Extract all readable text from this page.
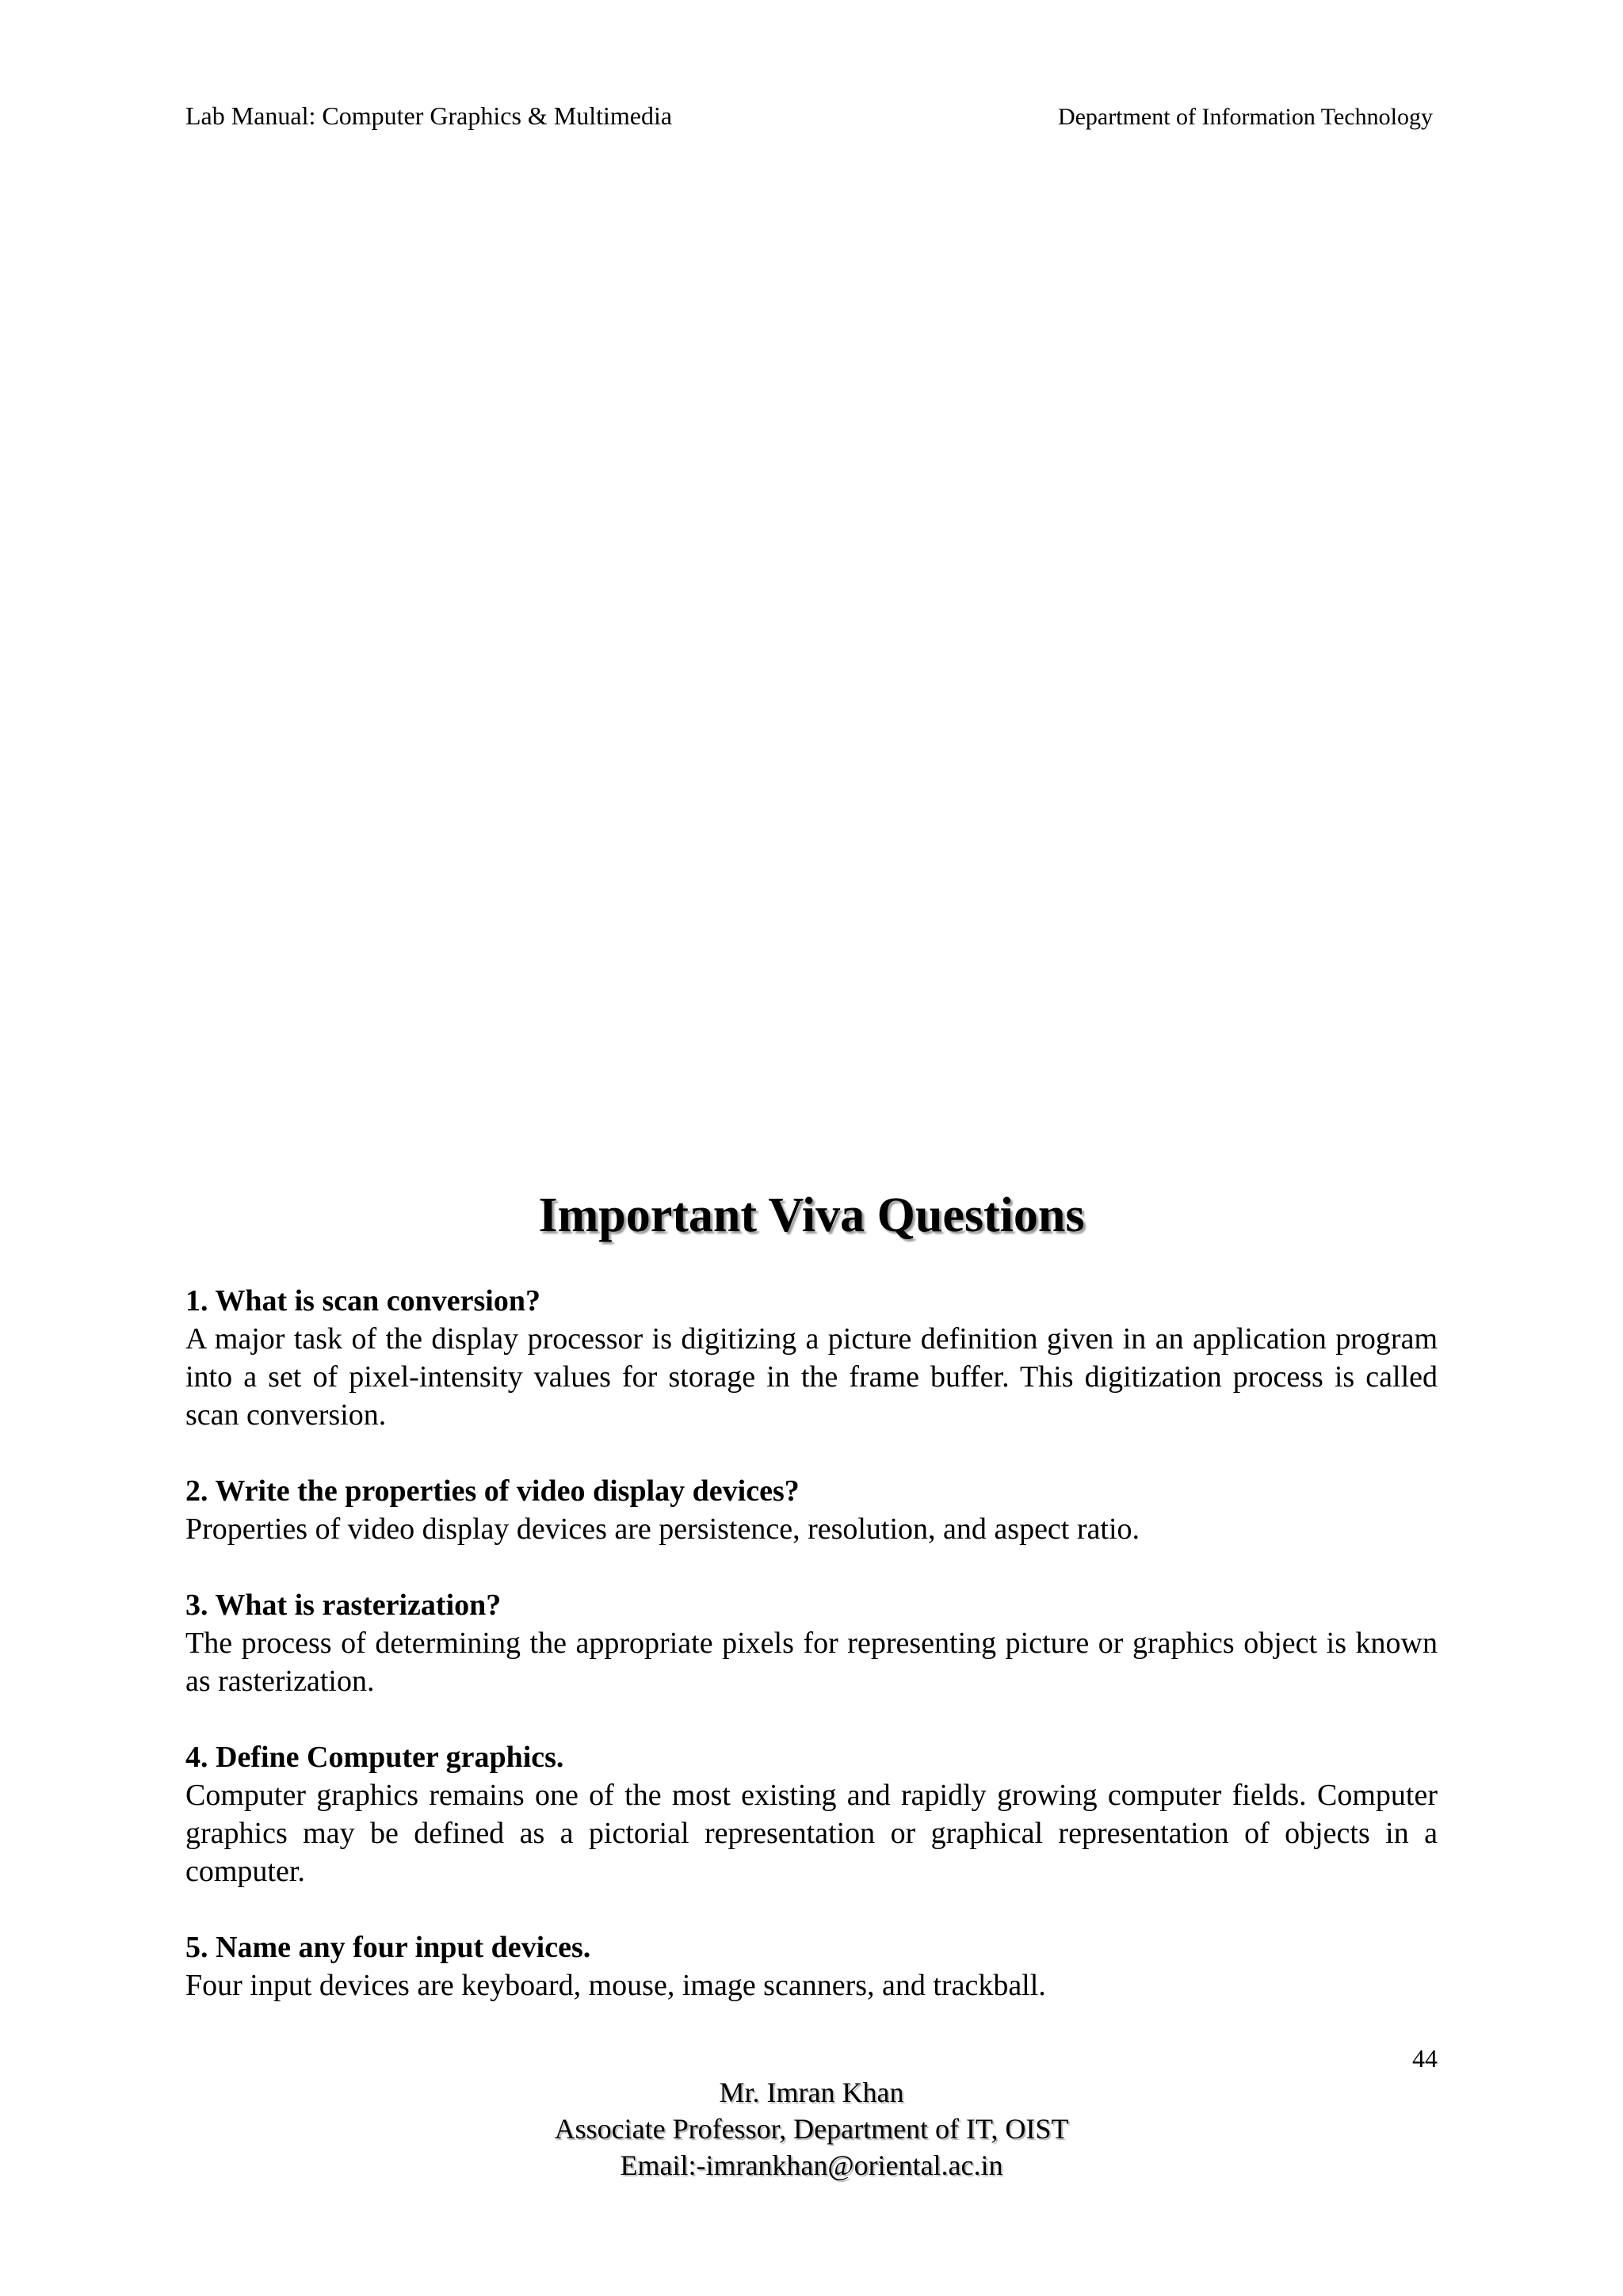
Lab Manual: Computer Graphics & Multimedia	Department of Information Technology
Important Viva Questions

1. What is scan conversion?

A major task of the display processor is digitizing a picture definition given in an application program into a set of pixel-intensity values for storage in the frame buffer. This digitization process is called scan conversion.

2. Write the properties of video display devices?

Properties of video display devices are persistence, resolution, and aspect ratio.

3. What is rasterization?

The process of determining the appropriate pixels for representing picture or graphics object is known as rasterization.

4. Define Computer graphics.

Computer graphics remains one of the most existing and rapidly growing computer fields. Computer graphics may be defined as a pictorial representation or graphical representation of objects in a computer.

5. Name any four input devices.

Four input devices are keyboard, mouse, image scanners, and trackball.

44
Mr. Imran Khan
Associate Professor, Department of IT, OIST
Email:-imrankhan@oriental.ac.in
